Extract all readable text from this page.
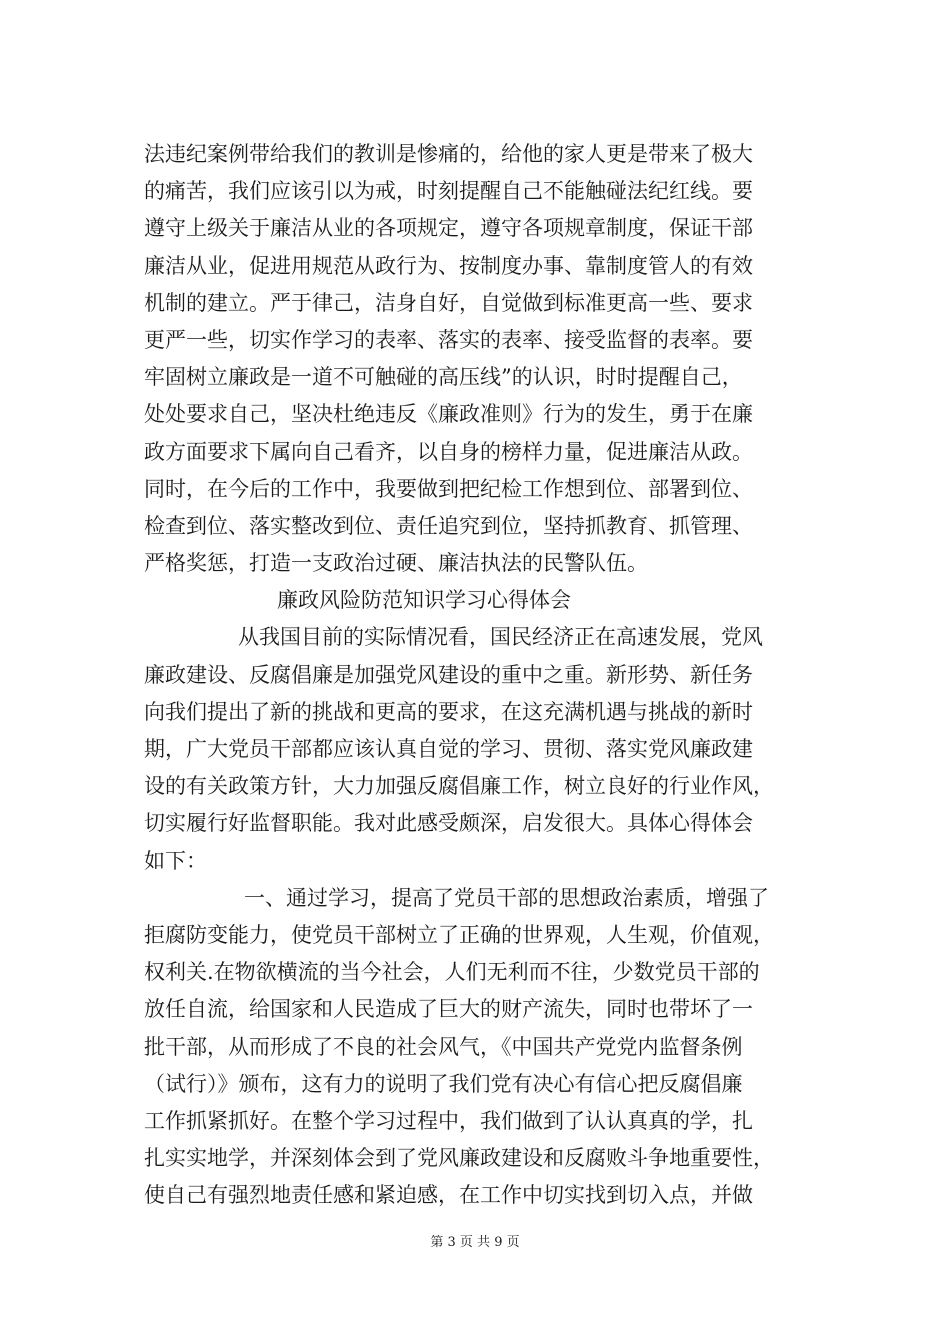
法违纪案例带给我们的教训是惨痛的，给他的家人更是带来了极大
的痛苦，我们应该引以为戒，时刻提醒自己不能触碰法纪红线。要
遵守上级关于廉洁从业的各项规定，遵守各项规章制度，保证干部
廉洁从业，促进用规范从政行为、按制度办事、靠制度管人的有效
机制的建立。严于律己，洁身自好，自觉做到标准更高一些、要求
更严一些，切实作学习的表率、落实的表率、接受监督的表率。要
牢固树立廉政是一道不可触碰的高压线”的认识，时时提醒自己，
处处要求自己，坚决杜绝违反《廉政准则》行为的发生，勇于在廉
政方面要求下属向自己看齐，以自身的榜样力量，促进廉洁从政。
同时，在今后的工作中，我要做到把纪检工作想到位、部署到位、
检查到位、落实整改到位、责任追究到位，坚持抓教育、抓管理、
严格奖惩，打造一支政治过硬、廉洁执法的民警队伍。
廉政风险防范知识学习心得体会
从我国目前的实际情况看，国民经济正在高速发展，党风
廉政建设、反腐倡廉是加强党风建设的重中之重。新形势、新任务
向我们提出了新的挑战和更高的要求，在这充满机遇与挑战的新时
期，广大党员干部都应该认真自觉的学习、贯彻、落实党风廉政建
设的有关政策方针，大力加强反腐倡廉工作，树立良好的行业作风，
切实履行好监督职能。我对此感受颇深，启发很大。具体心得体会
如下：
一、通过学习，提高了党员干部的思想政治素质，增强了
拒腐防变能力，使党员干部树立了正确的世界观，人生观，价值观，
权利关.在物欲横流的当今社会，人们无利而不往，少数党员干部的
放任自流，给国家和人民造成了巨大的财产流失，同时也带坏了一
批干部，从而形成了不良的社会风气，《中国共产党党内监督条例
（试行）》颁布，这有力的说明了我们党有决心有信心把反腐倡廉
工作抓紧抓好。在整个学习过程中，我们做到了认认真真的学，扎
扎实实地学，并深刻体会到了党风廉政建设和反腐败斗争地重要性，
使自己有强烈地责任感和紧迫感，在工作中切实找到切入点，并做
第 3 页 共 9 页
